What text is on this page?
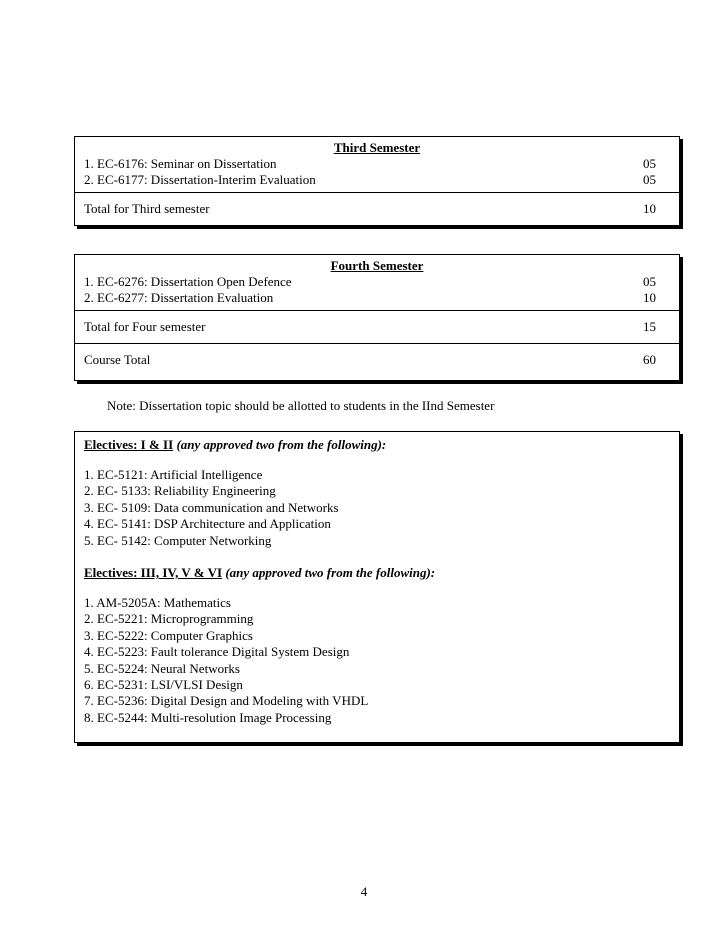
Third Semester
1. EC-6176: Seminar on Dissertation	05
2. EC-6177: Dissertation-Interim Evaluation	05
Total for Third semester	10
Fourth Semester
1. EC-6276: Dissertation Open Defence	05
2. EC-6277: Dissertation Evaluation	10
Total for Four semester	15
Course Total	60
Note: Dissertation topic should be allotted to students in the IInd Semester
Electives: I & II (any approved two from the following):
1. EC-5121: Artificial Intelligence
2. EC- 5133: Reliability Engineering
3. EC- 5109: Data communication and Networks
4. EC- 5141: DSP Architecture and Application
5. EC- 5142: Computer Networking
Electives: III, IV, V & VI (any approved two from the following):
1. AM-5205A: Mathematics
2. EC-5221: Microprogramming
3. EC-5222: Computer Graphics
4. EC-5223: Fault tolerance Digital System Design
5. EC-5224: Neural Networks
6. EC-5231: LSI/VLSI Design
7. EC-5236: Digital Design and Modeling with VHDL
8. EC-5244: Multi-resolution Image Processing
4
